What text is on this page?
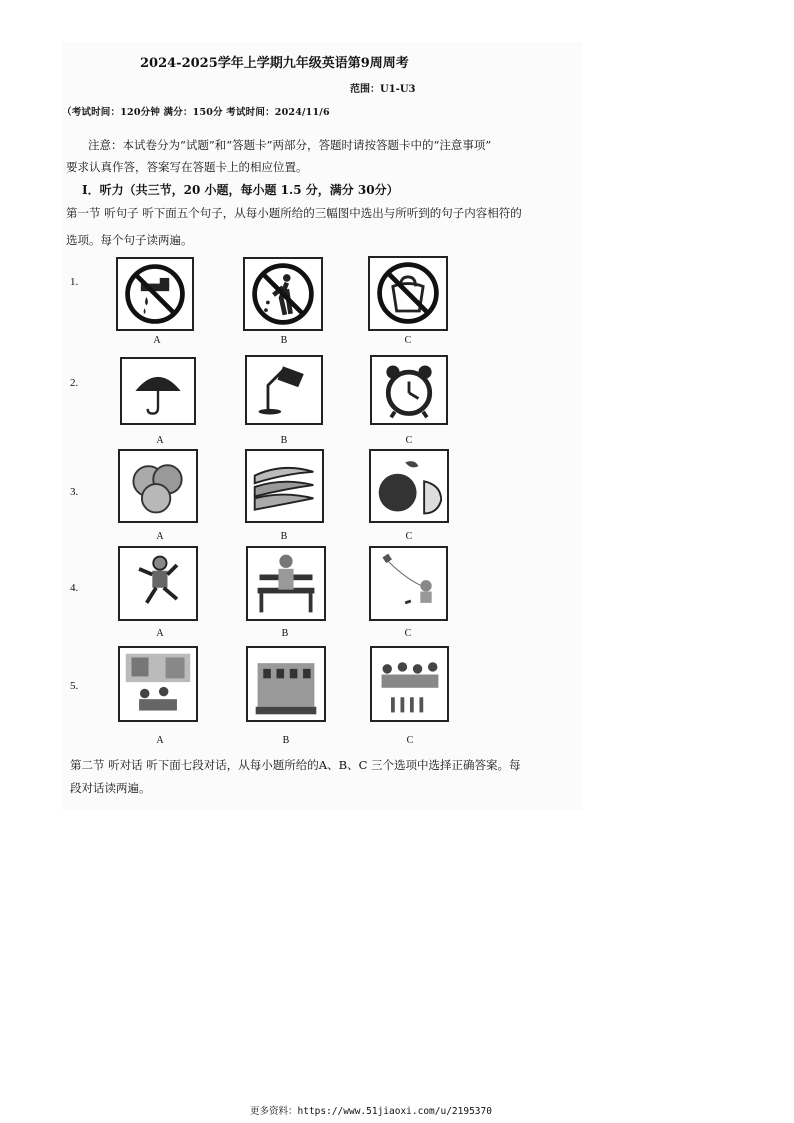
2024-2025学年上学期九年级英语第9周周考
范围：U1-U3
（考试时间：120分钟 满分：150分 考试时间：2024/11/6
注意：本试卷分为“试题”和“答题卡”两部分，答题时请按答题卡中的“注意事项”
要求认真作答，答案写在答题卡上的相应位置。
Ⅰ．听力（共三节，20 小题，每小题 1.5 分，满分 30分）
第一节 听句子 听下面五个句子，从每小题所给的三幅图中选出与所听到的句子内容相符的
选项。每个句子读两遍。
1.
A	B	C
2.
A	B	C
3.
A	B	C
4.
A	B	C
5.
A	B	C
第二节 听对话 听下面七段对话，从每小题所给的A、B、C 三个选项中选择正确答案。每
段对话读两遍。
更多资料：https://www.51jiaoxi.com/u/2195370
